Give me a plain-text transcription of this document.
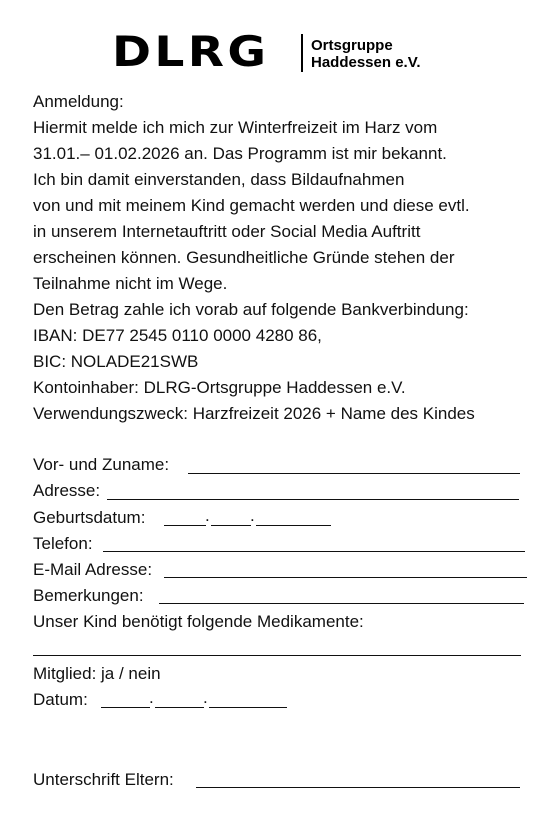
DLRG	Ortsgruppe
Haddessen e.V.
Anmeldung:
Hiermit melde ich mich zur Winterfreizeit im Harz vom
31.01.– 01.02.2026 an. Das Programm ist mir bekannt.
Ich bin damit einverstanden, dass Bildaufnahmen
von und mit meinem Kind gemacht werden und diese evtl.
in unserem Internetauftritt oder Social Media Auftritt
erscheinen können. Gesundheitliche Gründe stehen der
Teilnahme nicht im Wege.
Den Betrag zahle ich vorab auf folgende Bankverbindung:
IBAN: DE77 2545 0110 0000 4280 86,
BIC: NOLADE21SWB
Kontoinhaber: DLRG-Ortsgruppe Haddessen e.V.
Verwendungszweck: Harzfreizeit 2026 + Name des Kindes
Vor- und Zuname:
Adresse:
Geburtsdatum:	. .
Telefon:
E-Mail Adresse:
Bemerkungen:
Unser Kind benötigt folgende Medikamente:
Mitglied: ja / nein
Datum:	.	.
Unterschrift Eltern:
